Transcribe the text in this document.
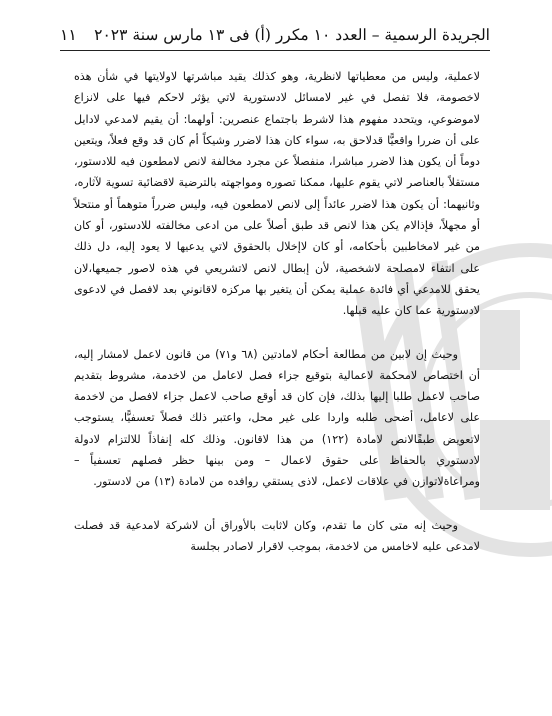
الجريدة الرسمية – العدد ١٠ مكرر (أ) فى ١٣ مارس سنة ٢٠٢٣
١١

لاعملية، وليس من معطياتها لانظرية، وهو كذلك يقيد مباشرتها لاولايتها في شأن هذه لاخصومة، فلا تفصل في غير لامسائل لادستورية لاتي يؤثر لاحكم فيها على لانزاع لاموضوعي، ويتحدد مفهوم هذا لاشرط باجتماع عنصرين: أولهما: أن يقيم لامدعي لادايل على أن ضررا واقعيًّا قدلاحق به، سواء كان هذا لاضرر وشيكاً أم كان قد وقع فعلاً، ويتعين دوماً أن يكون هذا لاضرر مباشرا، منفصلاً عن مجرد مخالفة لانص لامطعون فيه للادستور، مستقلاً بالعناصر لاتي يقوم عليها، ممكنا تصوره ومواجهته بالترضية لاقضائية تسوية لآثاره، وثانيهما: أن يكون هذا لاضرر عائداً إلى لانص لامطعون فيه، وليس ضرراً متوهماً أو منتحلاً أو مجهلاً، فإذالام يكن هذا لانص قد طبق أصلاً على من ادعى مخالفته للادستور، أو كان من غير لامخاطبين بأحكامه، أو كان لاإخلال بالحقوق لاتي يدعيها لا يعود إليه، دل ذلك على انتفاء لامصلحة لاشخصية، لأن إبطال لانص لاتشريعي في هذه لاصور جميعها،لان يحقق للامدعي أي فائدة عملية يمكن أن يتغير بها مركزه لاقانوني بعد لافصل في لادعوى لادستورية عما كان عليه قبلها.

وحيث إن لابين من مطالعة أحكام لامادتين (٦٨ و٧١) من قانون لاعمل لامشار إليه، أن اختصاص لامحكمة لاعمالية بتوقيع جزاء فصل لاعامل من لاخدمة، مشروط بتقديم صاحب لاعمل طلبا إليها بذلك، فإن كان قد أوقع صاحب لاعمل جزاء لافصل من لاخدمة على لاعامل، أضحى طلبه واردا على غير محل، واعتبر ذلك فصلاً تعسفيًّا، يستوجب لاتعويض طبقًالانص لامادة (١٢٢) من هذا لاقانون. وذلك كله إنفاذاً للالتزام لادولة لادستوري بالحفاظ على حقوق لاعمال – ومن بينها حظر فصلهم تعسفياً – ومراعاةلاتوازن في علاقات لاعمل، لاذى يستقي روافده من لامادة (١٣) من لادستور.

وحيث إنه متى كان ما تقدم، وكان لاثابت بالأوراق أن لاشركة لامدعية قد فصلت لامدعى عليه لاخامس من لاخدمة، بموجب لاقرار لاصادر بجلسة
